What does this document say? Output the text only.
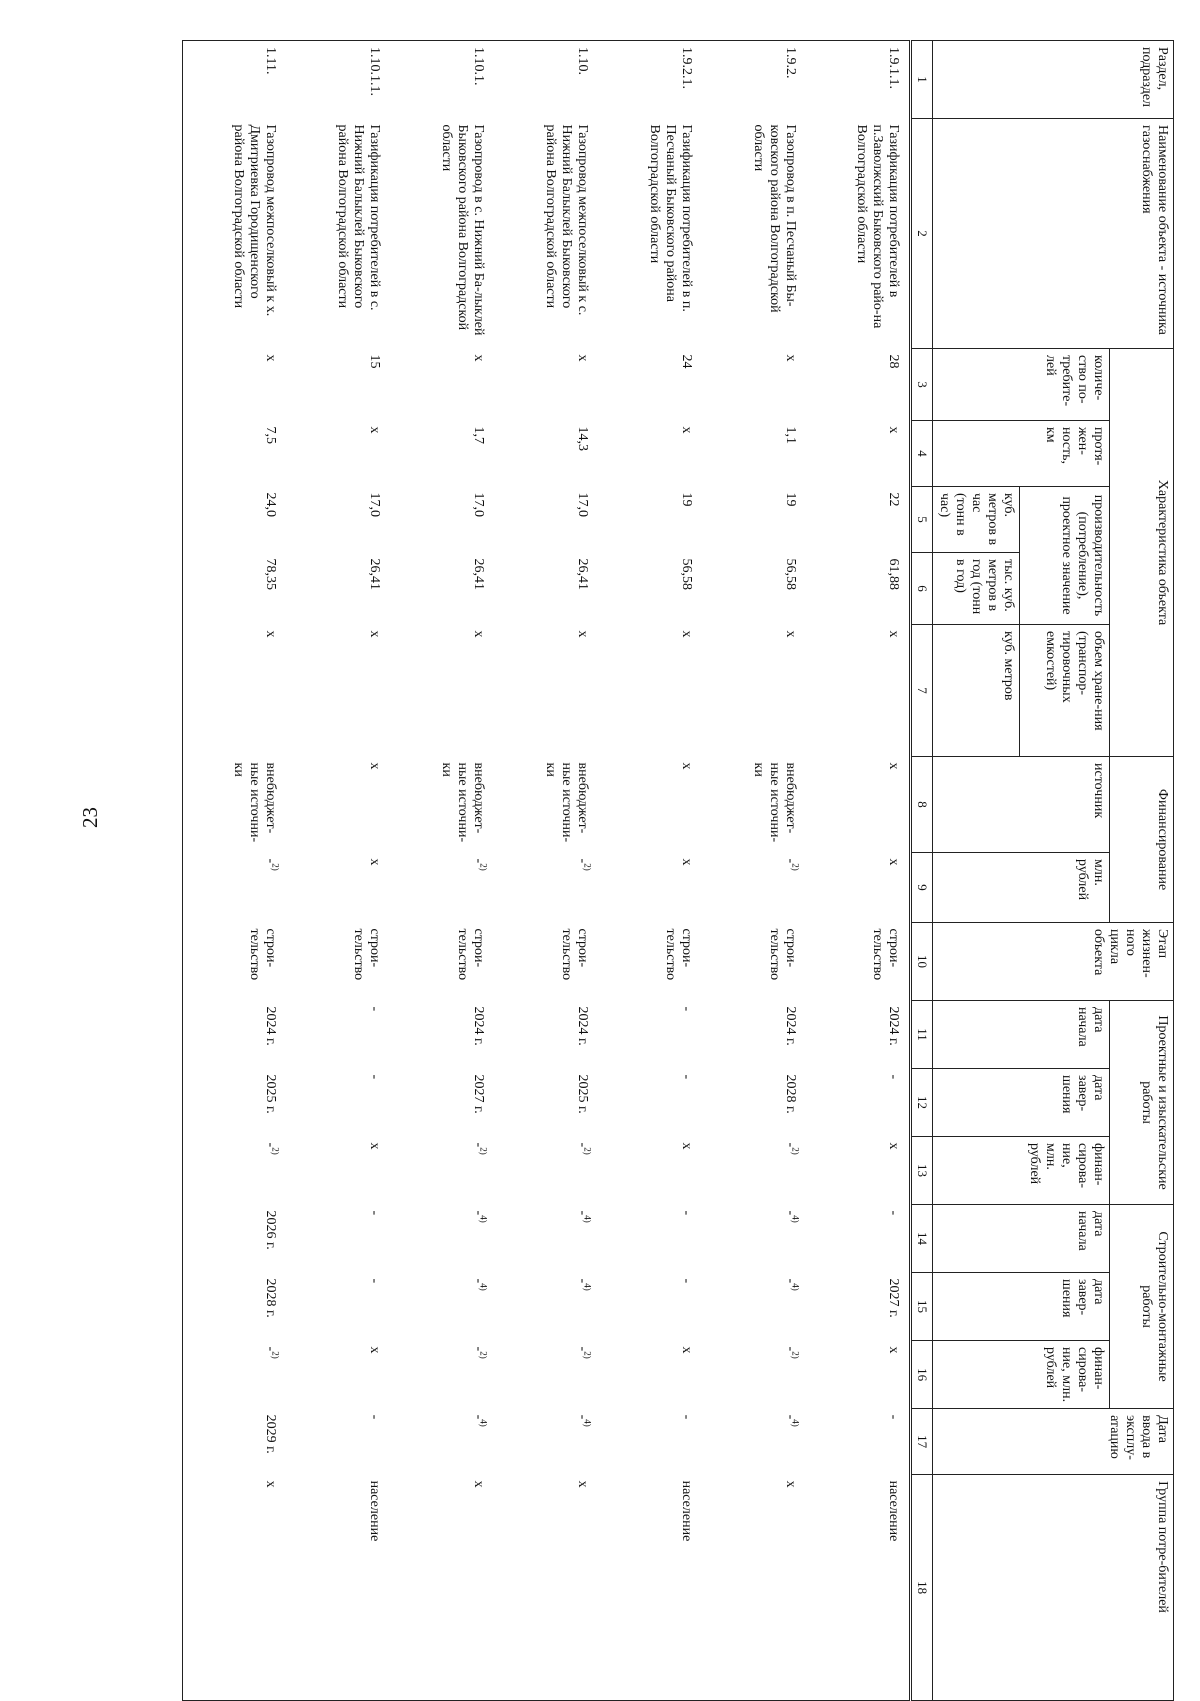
23
Раздел, подраздел	Наименование объекта - источника газоснабжения	Характеристика объекта					Финансирование		Этап жизнен-ного цикла объекта	Проектные и изыскательские работы			Строительно-монтажные работы			Дата ввода в эксплу-атацию	Группа потре-бителей
		количе-ство по-требите-лей	протя-жен-ность, км	производительность (потребление), проектное значение		объем хране-ния (транспор-тировочных емкостей)	источник	млн. рублей		дата начала	дата завер-шения	финан-сирова-ние, млн. рублей	дата начала	дата завер-шения	финан-сирова-ние, млн. рублей		
				куб. метров в час (тонн в час)	тыс. куб. метров в год (тонн в год)	куб. метров											
1	2	3	4	5	6	7	8	9	10	11	12	13	14	15	16	17	18
1.9.1.1.	Газификация потребителей в п.Заволжский Быковского райо-на Волгоградской области	28	х	22	61,88	х	х	х	строи-тельство	2024 г.	-	х	-	2027 г.	х	-	население
1.9.2.	Газопровод в п. Песчаный Бы-ковского района Волгоградской области	х	1,1	19	56,58	х	внебюджет-ные источни-ки	-$^{2)}$	строи-тельство	2024 г.	2028 г.	-$^{2)}$	-$^{4)}$	-$^{4)}$	-$^{2)}$	-$^{4)}$	х
1.9.2.1.	Газификация потребителей в п. Песчаный Быковского района Волгоградской области	24	х	19	56,58	х	х	х	строи-тельство	-	-	х	-	-	х	-	население
1.10.	Газопровод межпоселковый к с. Нижний Балыклей Быковского района Волгоградской области	х	14,3	17,0	26,41	х	внебюджет-ные источни-ки	-$^{2)}$	строи-тельство	2024 г.	2025 г.	-$^{2)}$	-$^{4)}$	-$^{4)}$	-$^{2)}$	-$^{4)}$	х
1.10.1.	Газопровод в с. Нижний Ба-лыклей Быковского района Волгоградской области	х	1,7	17,0	26,41	х	внебюджет-ные источни-ки	-$^{2)}$	строи-тельство	2024 г.	2027 г.	-$^{2)}$	-$^{4)}$	-$^{4)}$	-$^{2)}$	-$^{4)}$	х
1.10.1.1.	Газификация потребителей в с. Нижний Балыклей Быковского района Волгоградской области	15	х	17,0	26,41	х	х	х	строи-тельство	-	-	х	-	-	х	-	население
1.11.	Газопровод межпоселковый к х. Дмитриевка Городищенского района Волгоградской области	х	7,5	24,0	78,35	х	внебюджет-ные источни-ки	-$^{2)}$	строи-тельство	2024 г.	2025 г.	-$^{2)}$	2026 г.	2028 г.	-$^{2)}$	2029 г.	х
